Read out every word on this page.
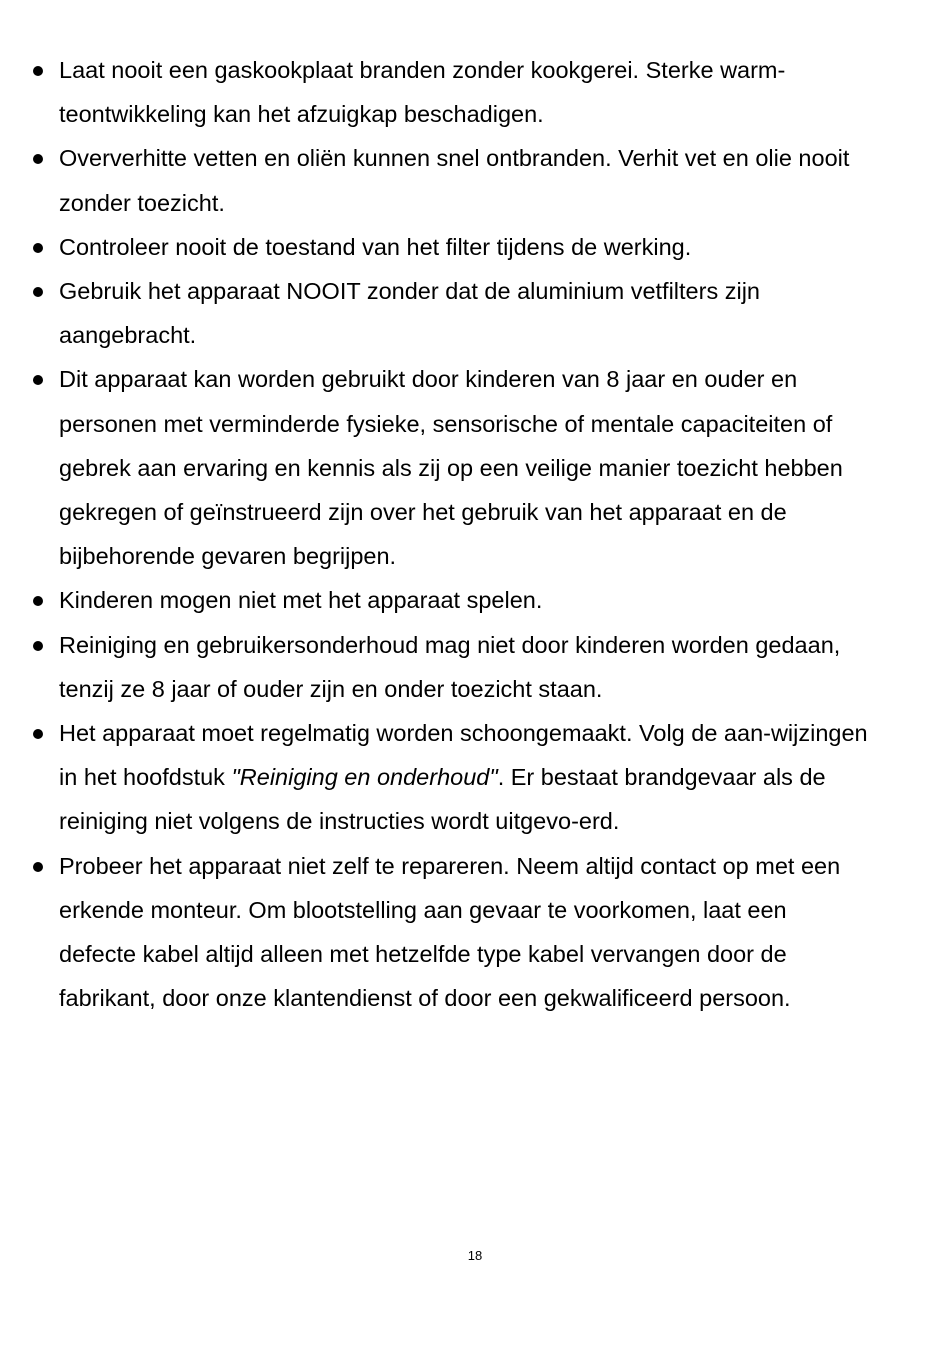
Laat nooit een gaskookplaat branden zonder kookgerei. Sterke warm-teontwikkeling kan het afzuigkap beschadigen.
Oververhitte vetten en oliën kunnen snel ontbranden. Verhit vet en olie nooit zonder toezicht.
Controleer nooit de toestand van het filter tijdens de werking.
Gebruik het apparaat NOOIT zonder dat de aluminium vetfilters zijn aangebracht.
Dit apparaat kan worden gebruikt door kinderen van 8 jaar en ouder en personen met verminderde fysieke, sensorische of mentale capaciteiten of gebrek aan ervaring en kennis als zij op een veilige manier toezicht hebben gekregen of geïnstrueerd zijn over het gebruik van het apparaat en de bijbehorende gevaren begrijpen.
Kinderen mogen niet met het apparaat spelen.
Reiniging en gebruikersonderhoud mag niet door kinderen worden gedaan, tenzij ze 8 jaar of ouder zijn en onder toezicht staan.
Het apparaat moet regelmatig worden schoongemaakt. Volg de aan-wijzingen in het hoofdstuk "Reiniging en onderhoud". Er bestaat brandgevaar als de reiniging niet volgens de instructies wordt uitgevo-erd.
Probeer het apparaat niet zelf te repareren. Neem altijd contact op met een erkende monteur. Om blootstelling aan gevaar te voorkomen, laat een defecte kabel altijd alleen met hetzelfde type kabel vervangen door de fabrikant, door onze klantendienst of door een gekwalificeerd persoon.
18
